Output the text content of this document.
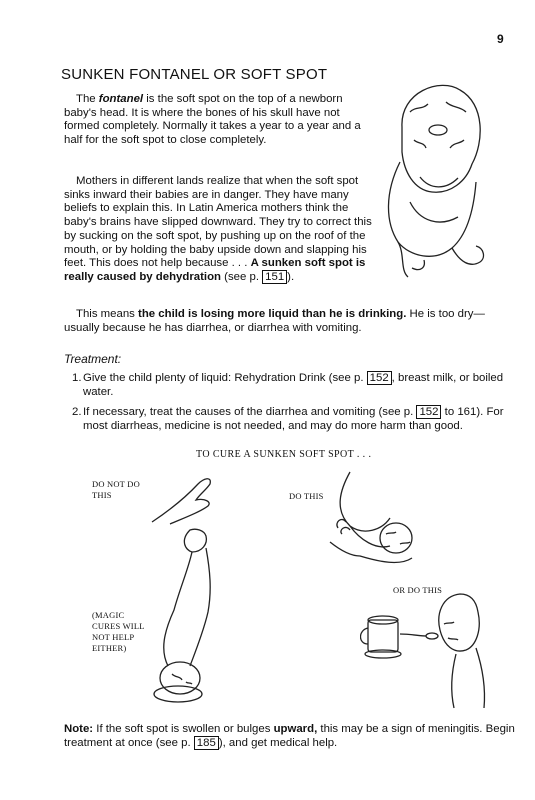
9
SUNKEN FONTANEL OR SOFT SPOT
The fontanel is the soft spot on the top of a newborn baby's head. It is where the bones of his skull have not formed completely. Normally it takes a year to a year and a half for the soft spot to close completely.
Mothers in different lands realize that when the soft spot sinks inward their babies are in danger. They have many beliefs to explain this. In Latin America mothers think the baby's brains have slipped downward. They try to correct this by sucking on the soft spot, by pushing up on the roof of the mouth, or by holding the baby upside down and slapping his feet. This does not help because . . . A sunken soft spot is really caused by dehydration (see p. 151 ).
This means the child is losing more liquid than he is drinking. He is too dry—usually because he has diarrhea, or diarrhea with vomiting.
Treatment:
1. Give the child plenty of liquid: Rehydration Drink (see p. 152 , breast milk, or boiled water.
2. If necessary, treat the causes of the diarrhea and vomiting (see p. 152 to 161). For most diarrheas, medicine is not needed, and may do more harm than good.
TO CURE A SUNKEN SOFT SPOT . . .
DO NOT DO THIS	DO THIS
OR DO THIS
(MAGIC CURES WILL NOT HELP EITHER)
Note: If the soft spot is swollen or bulges upward, this may be a sign of meningitis. Begin treatment at once (see p. 185 ), and get medical help.
